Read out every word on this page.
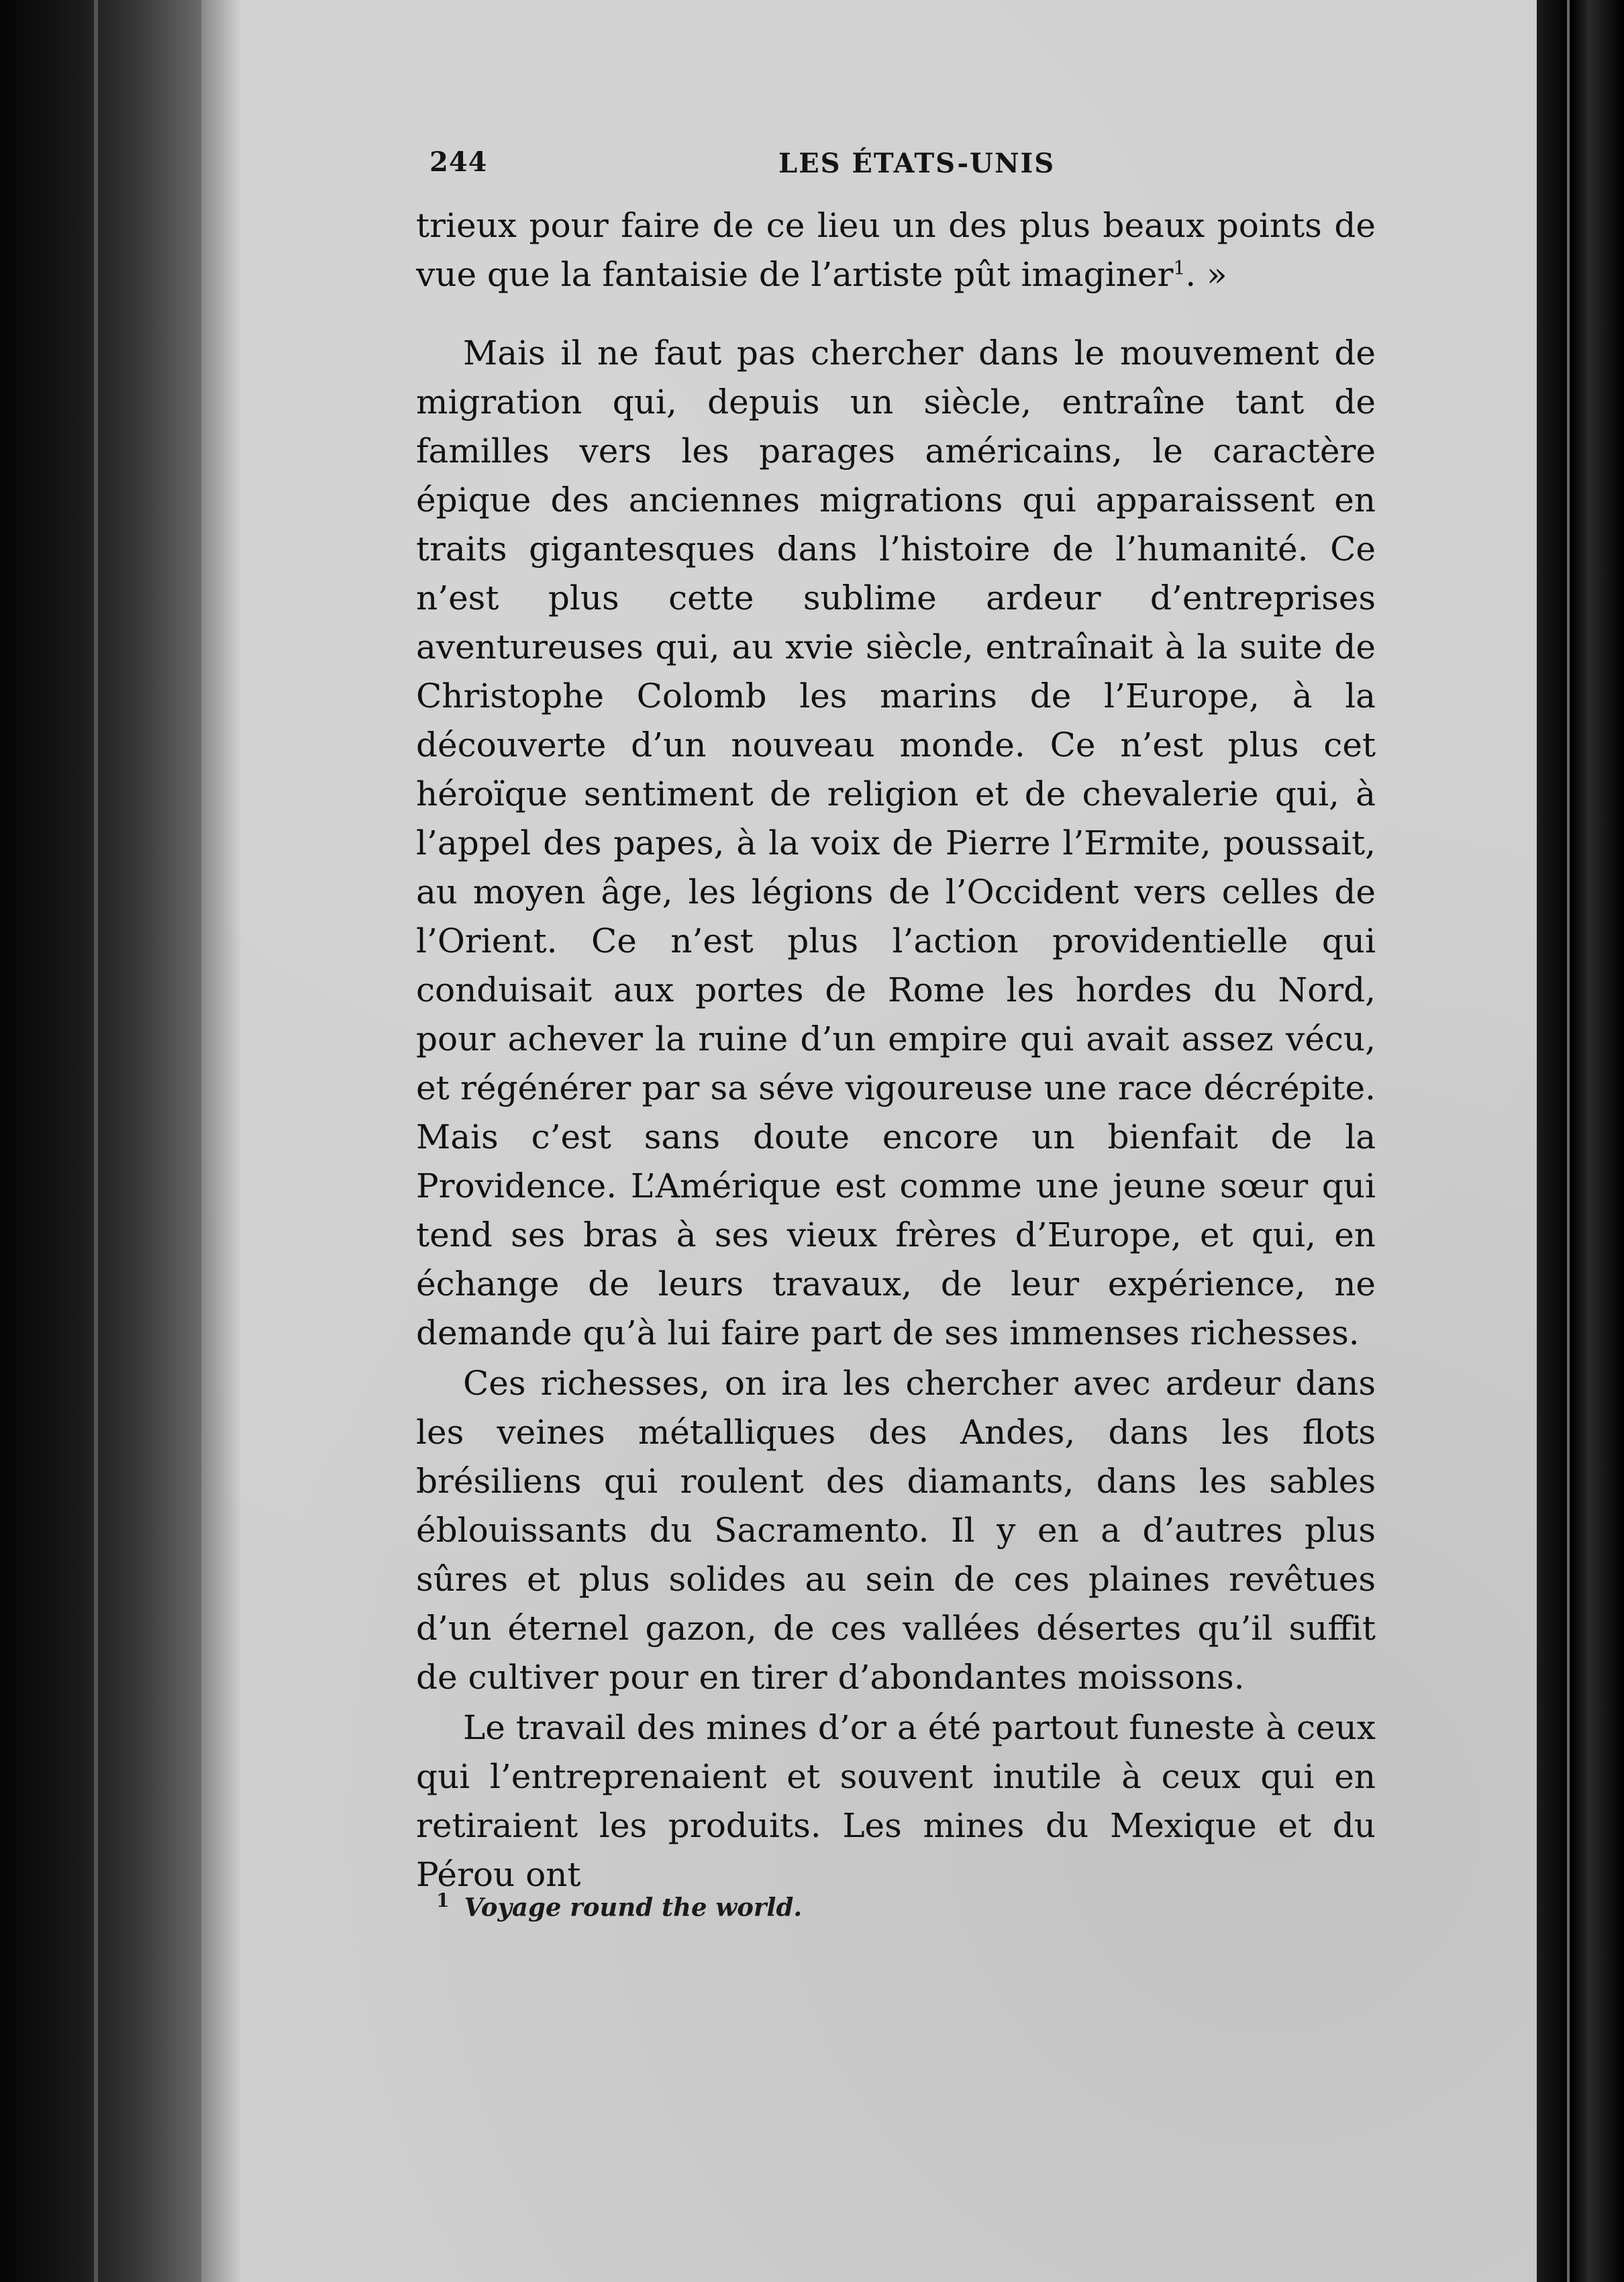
244	LES ÉTATS-UNIS

trieux pour faire de ce lieu un des plus beaux points de vue que la fantaisie de l’artiste pût imaginer$^1$. »

Mais il ne faut pas chercher dans le mouvement de migration qui, depuis un siècle, entraîne tant de familles vers les parages américains, le caractère épique des anciennes migrations qui apparaissent en traits gigantesques dans l’histoire de l’humanité. Ce n’est plus cette sublime ardeur d’entreprises aventureuses qui, au xvie siècle, entraînait à la suite de Christophe Colomb les marins de l’Europe, à la découverte d’un nouveau monde. Ce n’est plus cet héroïque sentiment de religion et de chevalerie qui, à l’appel des papes, à la voix de Pierre l’Ermite, poussait, au moyen âge, les légions de l’Occident vers celles de l’Orient. Ce n’est plus l’action providentielle qui conduisait aux portes de Rome les hordes du Nord, pour achever la ruine d’un empire qui avait assez vécu, et régénérer par sa séve vigoureuse une race décrépite. Mais c’est sans doute encore un bienfait de la Providence. L’Amérique est comme une jeune sœur qui tend ses bras à ses vieux frères d’Europe, et qui, en échange de leurs travaux, de leur expérience, ne demande qu’à lui faire part de ses immenses richesses.

Ces richesses, on ira les chercher avec ardeur dans les veines métalliques des Andes, dans les flots brésiliens qui roulent des diamants, dans les sables éblouissants du Sacramento. Il y en a d’autres plus sûres et plus solides au sein de ces plaines revêtues d’un éternel gazon, de ces vallées désertes qu’il suffit de cultiver pour en tirer d’abondantes moissons.

Le travail des mines d’or a été partout funeste à ceux qui l’entreprenaient et souvent inutile à ceux qui en retiraient les produits. Les mines du Mexique et du Pérou ont

$^1$ Voyage round the world.
